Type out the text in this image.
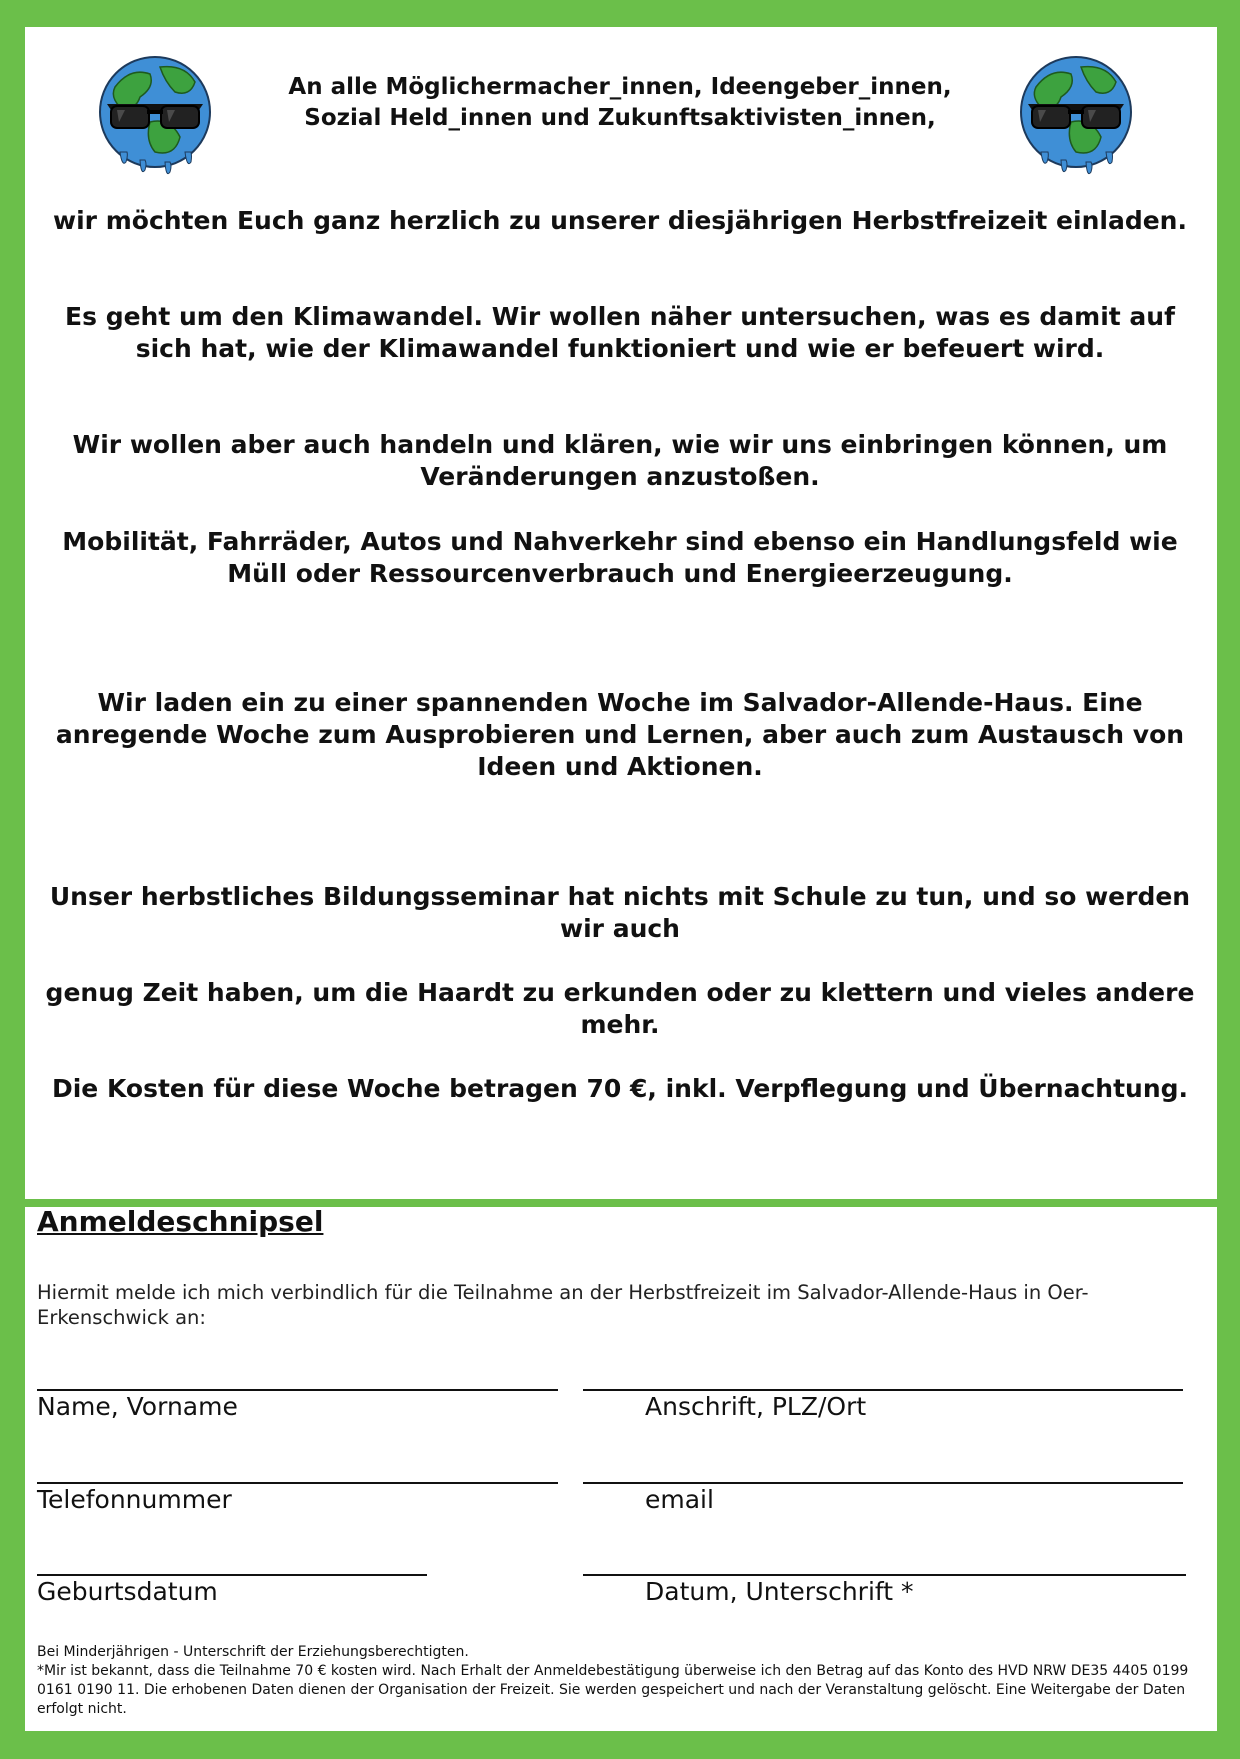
An alle Möglichermacher_innen, Ideengeber_innen,
Sozial Held_innen und Zukunftsaktivisten_innen,
wir möchten Euch ganz herzlich zu unserer diesjährigen Herbstfreizeit einladen.
Es geht um den Klimawandel. Wir wollen näher untersuchen, was es damit auf sich hat, wie der Klimawandel funktioniert und wie er befeuert wird.
Wir wollen aber auch handeln und klären, wie wir uns einbringen können, um Veränderungen anzustoßen.
Mobilität, Fahrräder, Autos und Nahverkehr sind ebenso ein Handlungsfeld wie Müll oder Ressourcenverbrauch und Energieerzeugung.
Wir laden ein zu einer spannenden Woche im Salvador-Allende-Haus. Eine anregende Woche zum Ausprobieren und Lernen, aber auch zum Austausch von Ideen und Aktionen.
Unser herbstliches Bildungsseminar hat nichts mit Schule zu tun, und so werden wir auch
genug Zeit haben, um die Haardt zu erkunden oder zu klettern und vieles andere mehr.
Die Kosten für diese Woche betragen 70 €, inkl. Verpflegung und Übernachtung.
Anmeldeschnipsel
Hiermit melde ich mich verbindlich für die Teilnahme an der Herbstfreizeit im Salvador-Allende-Haus in Oer-Erkenschwick an:
Name, Vorname	Anschrift, PLZ/Ort
Telefonnummer	email
Geburtsdatum	Datum, Unterschrift *
Bei Minderjährigen - Unterschrift der Erziehungsberechtigten.
*Mir ist bekannt, dass die Teilnahme 70 € kosten wird. Nach Erhalt der Anmeldebestätigung überweise ich den Betrag auf das Konto des HVD NRW DE35 4405 0199 0161 0190 11. Die erhobenen Daten dienen der Organisation der Freizeit. Sie werden gespeichert und nach der Veranstaltung gelöscht. Eine Weitergabe der Daten erfolgt nicht.
